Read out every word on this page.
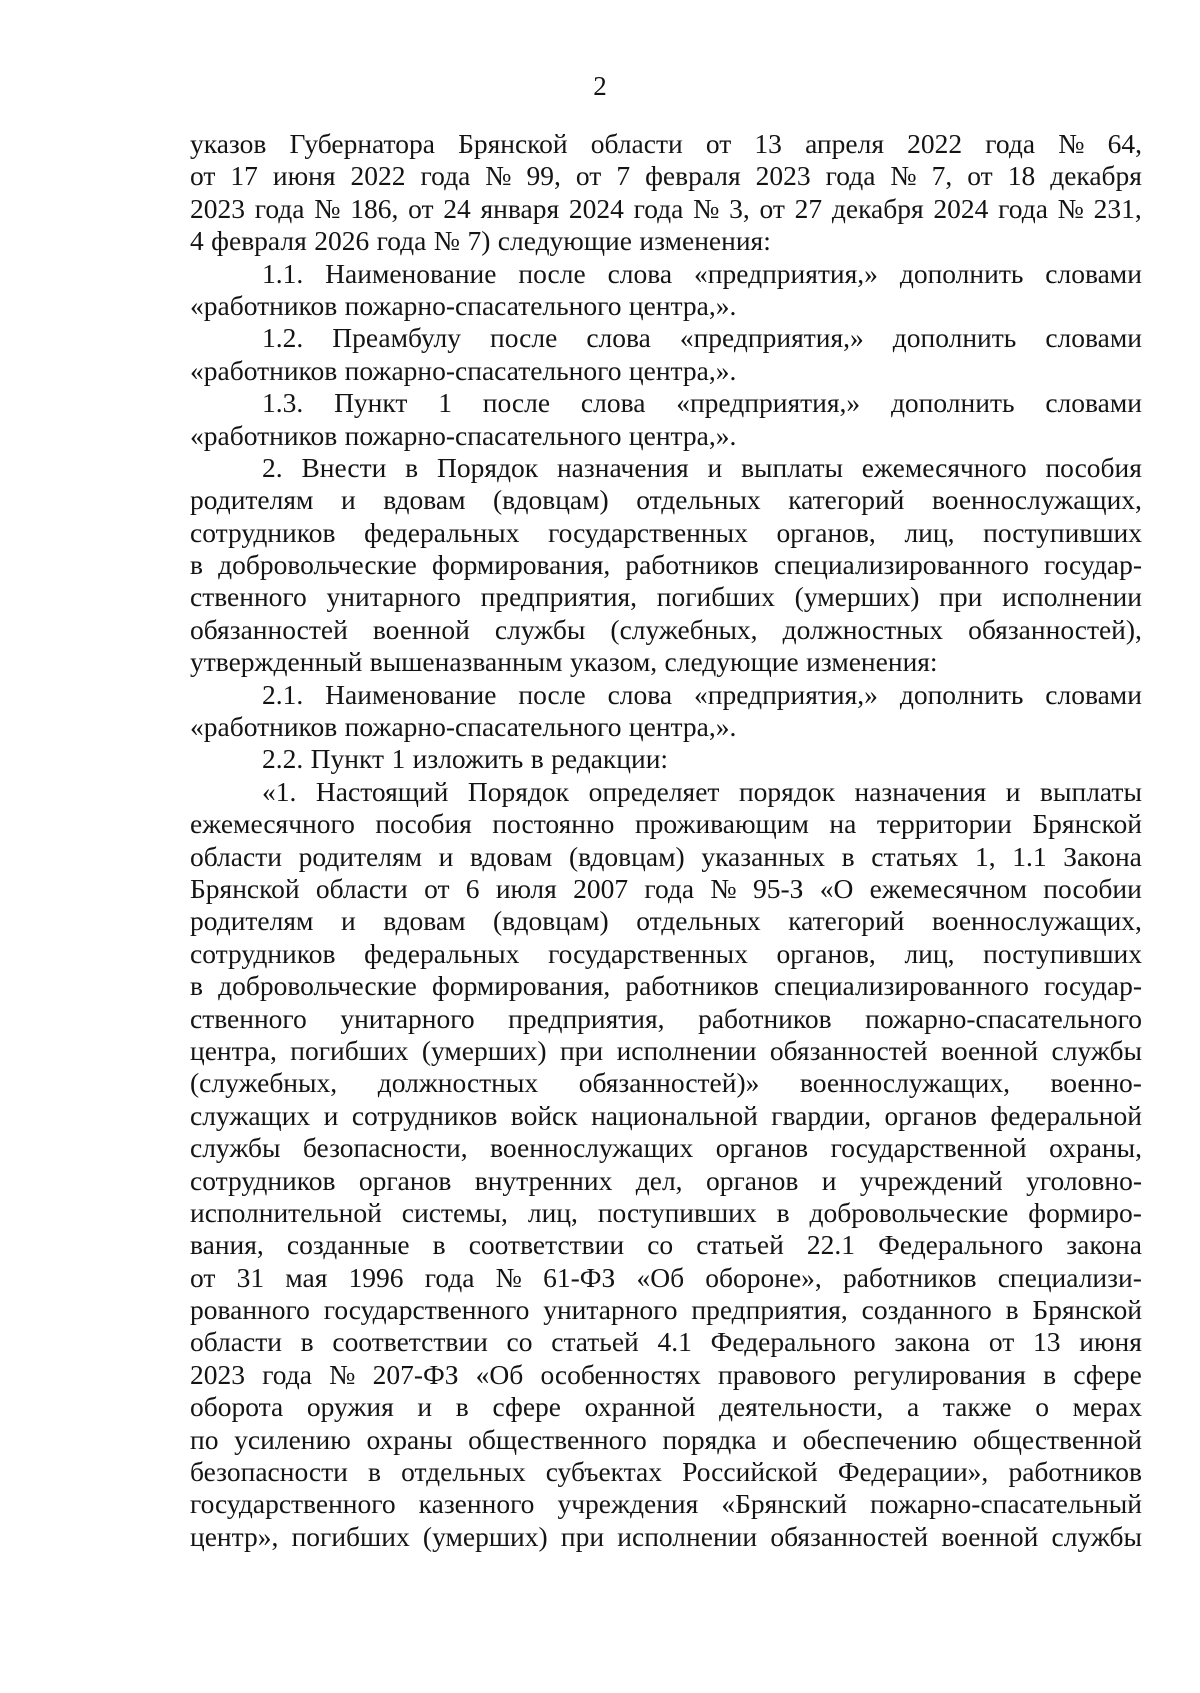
2
указов Губернатора Брянской области от 13 апреля 2022 года № 64,
от 17 июня 2022 года № 99, от 7 февраля 2023 года № 7, от 18 декабря
2023 года № 186, от 24 января 2024 года № 3, от 27 декабря 2024 года № 231,
4 февраля 2026 года № 7) следующие изменения:
1.1. Наименование после слова «предприятия,» дополнить словами
«работников пожарно-спасательного центра,».
1.2. Преамбулу после слова «предприятия,» дополнить словами
«работников пожарно-спасательного центра,».
1.3. Пункт 1 после слова «предприятия,» дополнить словами
«работников пожарно-спасательного центра,».
2. Внести в Порядок назначения и выплаты ежемесячного пособия
родителям и вдовам (вдовцам) отдельных категорий военнослужащих,
сотрудников федеральных государственных органов, лиц, поступивших
в добровольческие формирования, работников специализированного государ-
ственного унитарного предприятия, погибших (умерших) при исполнении
обязанностей военной службы (служебных, должностных обязанностей),
утвержденный вышеназванным указом, следующие изменения:
2.1. Наименование после слова «предприятия,» дополнить словами
«работников пожарно-спасательного центра,».
2.2. Пункт 1 изложить в редакции:
«1. Настоящий Порядок определяет порядок назначения и выплаты
ежемесячного пособия постоянно проживающим на территории Брянской
области родителям и вдовам (вдовцам) указанных в статьях 1, 1.1 Закона
Брянской области от 6 июля 2007 года № 95-З «О ежемесячном пособии
родителям и вдовам (вдовцам) отдельных категорий военнослужащих,
сотрудников федеральных государственных органов, лиц, поступивших
в добровольческие формирования, работников специализированного государ-
ственного унитарного предприятия, работников пожарно-спасательного
центра, погибших (умерших) при исполнении обязанностей военной службы
(служебных, должностных обязанностей)» военнослужащих, военно-
служащих и сотрудников войск национальной гвардии, органов федеральной
службы безопасности, военнослужащих органов государственной охраны,
сотрудников органов внутренних дел, органов и учреждений уголовно-
исполнительной системы, лиц, поступивших в добровольческие формиро-
вания, созданные в соответствии со статьей 22.1 Федерального закона
от 31 мая 1996 года № 61-ФЗ «Об обороне», работников специализи-
рованного государственного унитарного предприятия, созданного в Брянской
области в соответствии со статьей 4.1 Федерального закона от 13 июня
2023 года № 207-ФЗ «Об особенностях правового регулирования в сфере
оборота оружия и в сфере охранной деятельности, а также о мерах
по усилению охраны общественного порядка и обеспечению общественной
безопасности в отдельных субъектах Российской Федерации», работников
государственного казенного учреждения «Брянский пожарно-спасательный
центр», погибших (умерших) при исполнении обязанностей военной службы
